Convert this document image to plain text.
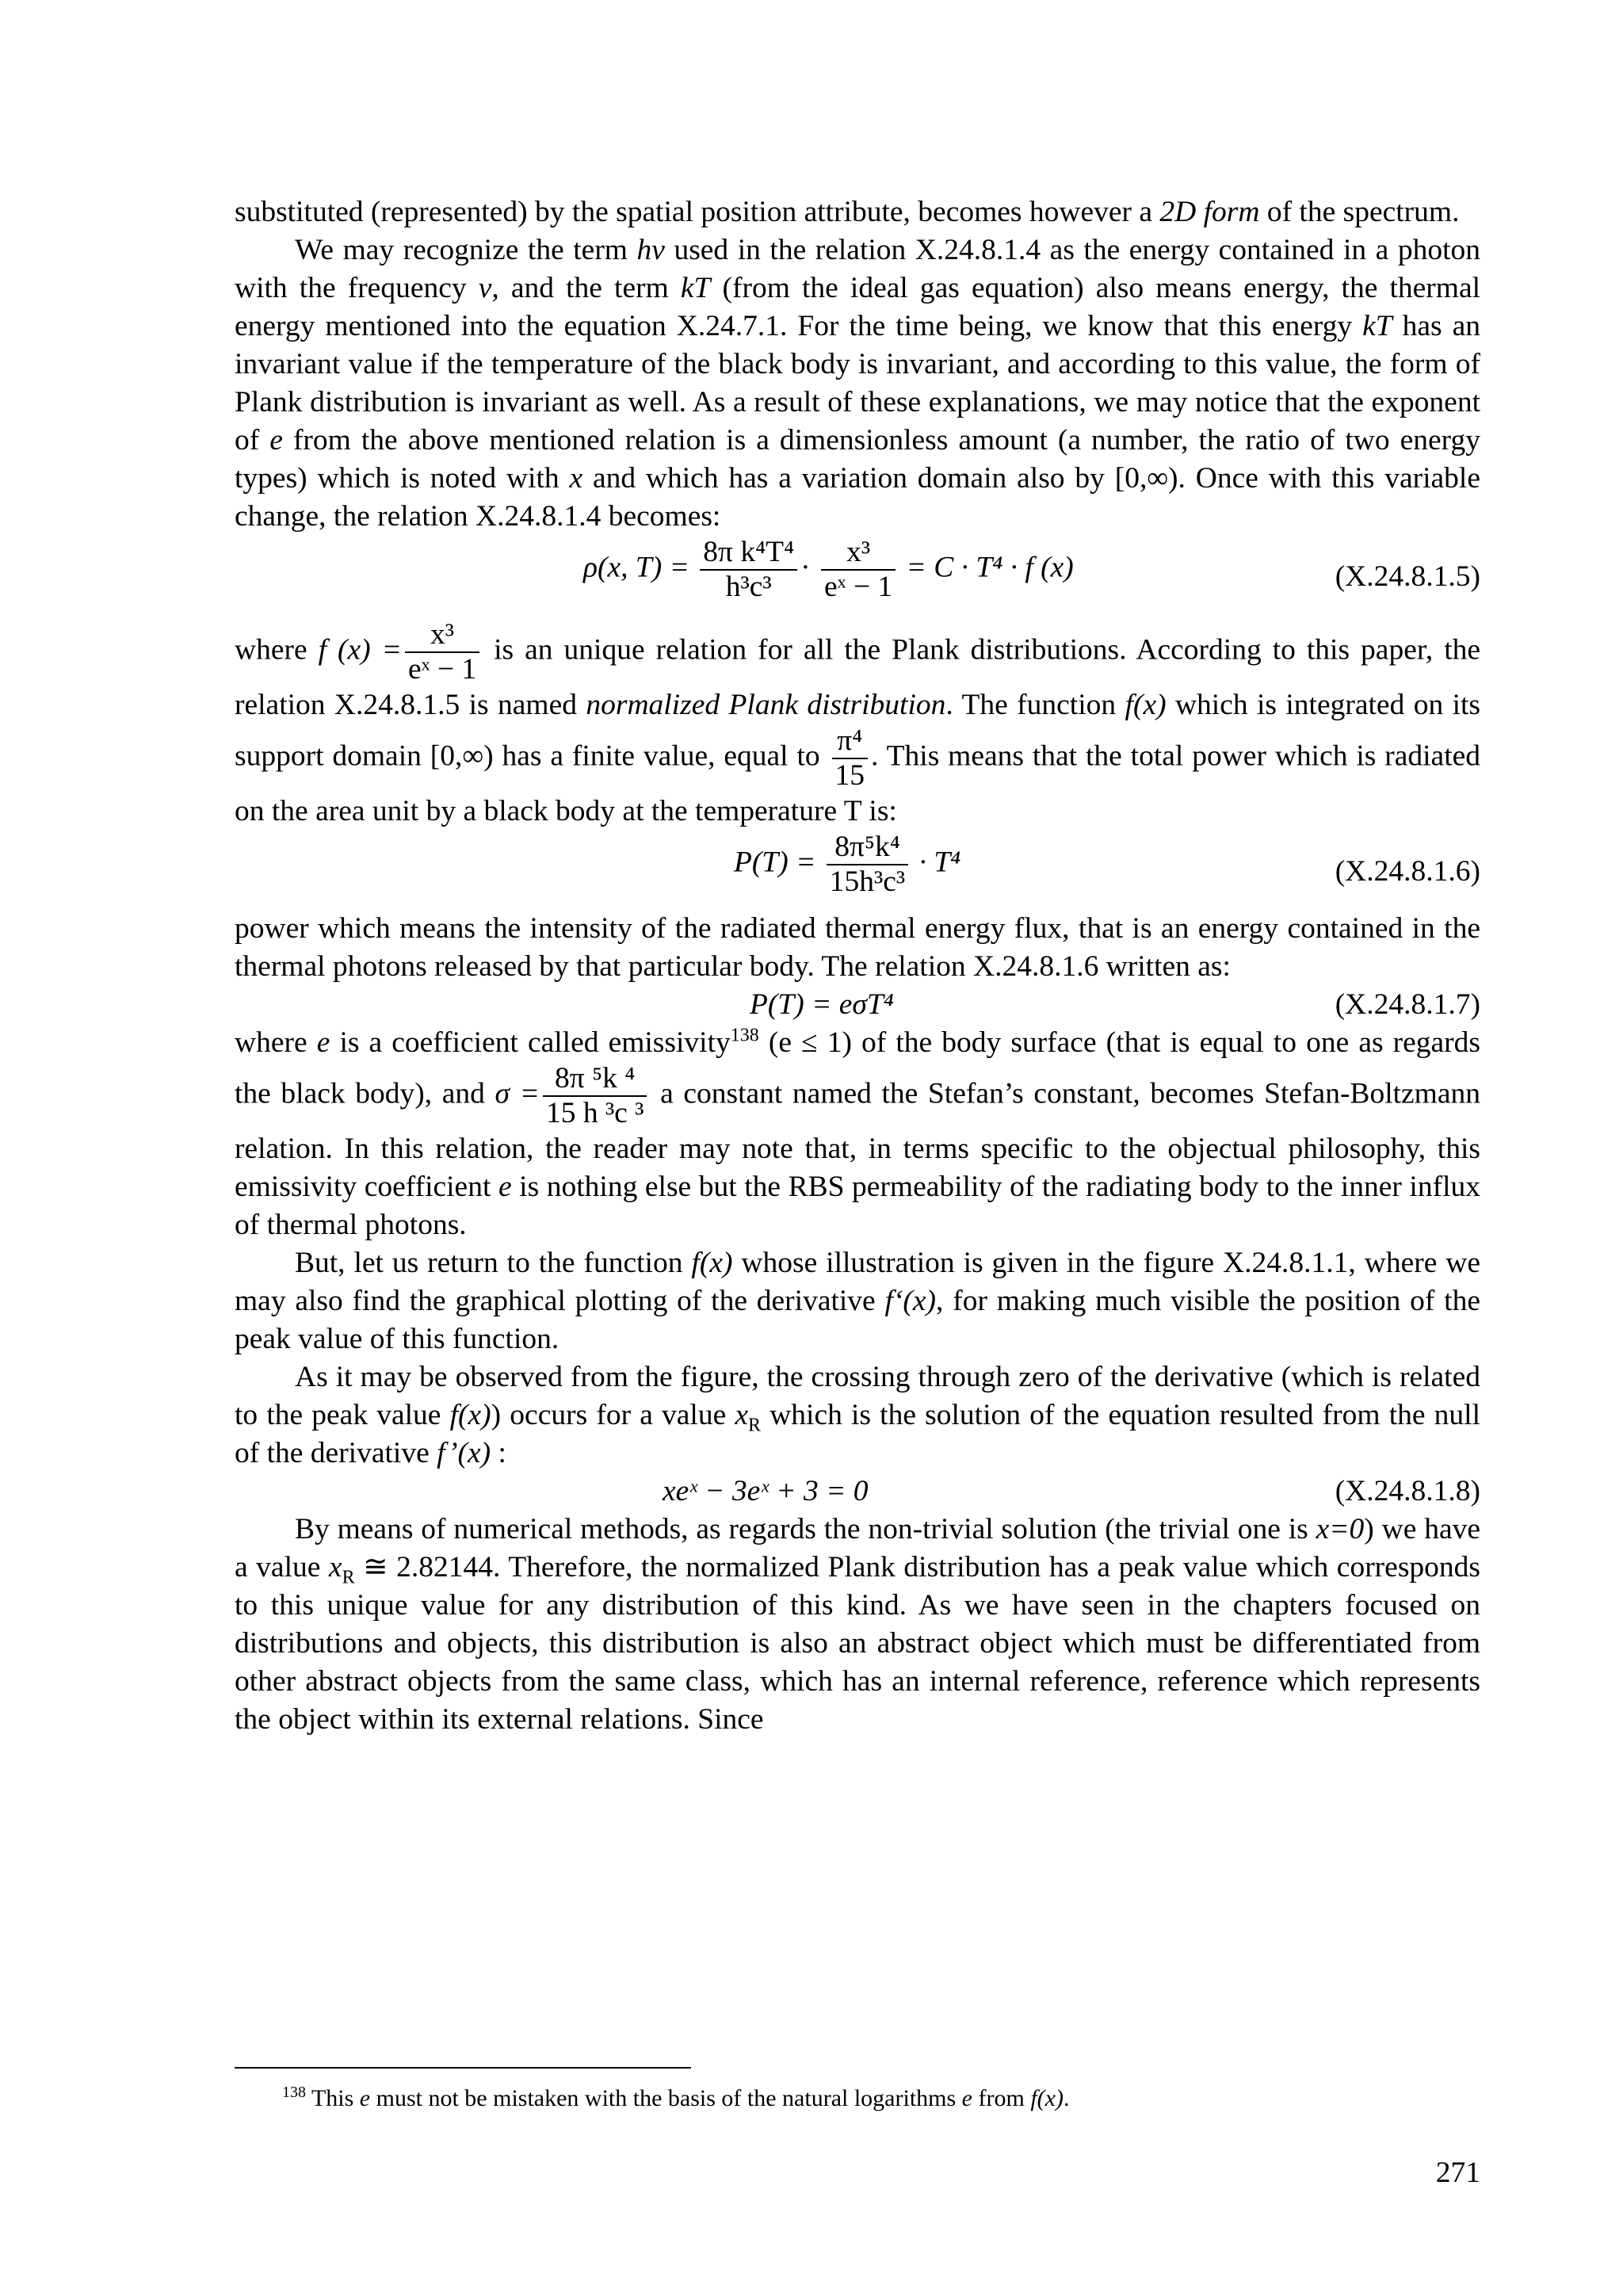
substituted (represented) by the spatial position attribute, becomes however a 2D form of the spectrum.

We may recognize the term hν used in the relation X.24.8.1.4 as the energy contained in a photon with the frequency ν, and the term kT (from the ideal gas equation) also means energy, the thermal energy mentioned into the equation X.24.7.1. For the time being, we know that this energy kT has an invariant value if the temperature of the black body is invariant, and according to this value, the form of Plank distribution is invariant as well. As a result of these explanations, we may notice that the exponent of e from the above mentioned relation is a dimensionless amount (a number, the ratio of two energy types) which is noted with x and which has a variation domain also by [0,∞). Once with this variable change, the relation X.24.8.1.4 becomes:

ρ(x, $T) = \frac{\text{8π k⁴T⁴}}{\text{h³c³}} \cdot \frac{\text{x³}}{\text{eˣ − 1}} = C \cdot T^4 \cdot f$ (x)	(X.24.8.1.5)

where f $(x) = \frac{\text{x³}}{\text{eˣ − 1}}$ is an unique relation for all the Plank distributions. According to this paper, the relation X.24.8.1.5 is named normalized Plank distribution. The function f(x) which is integrated on its support domain [0,∞) has a finite value, equal to $\frac{\text{π⁴}}{15}$ . This means that the total power which is radiated on the area unit by a black body at the temperature T is:

$P(T) = \frac{\text{8π⁵k⁴}}{\text{15h³c³}} \cdot T^4$	(X.24.8.1.6)

power which means the intensity of the radiated thermal energy flux, that is an energy contained in the thermal photons released by that particular body. The relation X.24.8.1.6 written as:

P(T) = eσT⁴	(X.24.8.1.7)

where e is a coefficient called emissivity$^{138}$ (e ≤ 1) of the body surface (that is equal to one as regards the black body), and $\sigma = \frac{\text{8π ⁵k ⁴}}{\text{15 h ³c ³}}$ a constant named the Stefan’s constant, becomes Stefan-Boltzmann relation. In this relation, the reader may note that, in terms specific to the objectual philosophy, this emissivity coefficient e is nothing else but the RBS permeability of the radiating body to the inner influx of thermal photons.

But, let us return to the function f(x) whose illustration is given in the figure X.24.8.1.1, where we may also find the graphical plotting of the derivative f‘(x), for making much visible the position of the peak value of this function.

As it may be observed from the figure, the crossing through zero of the derivative (which is related to the peak value f(x)) occurs for a value $x_R$ which is the solution of the equation resulted from the null of the derivative f’(x) :

xeˣ − 3eˣ + 3 = 0	(X.24.8.1.8)

By means of numerical methods, as regards the non-trivial solution (the trivial one is x=0) we have a value $x_R$ ≅ 2.82144. Therefore, the normalized Plank distribution has a peak value which corresponds to this unique value for any distribution of this kind. As we have seen in the chapters focused on distributions and objects, this distribution is also an abstract object which must be differentiated from other abstract objects from the same class, which has an internal reference, reference which represents the object within its external relations. Since

$^{138}$ This e must not be mistaken with the basis of the natural logarithms e from f(x).
271
